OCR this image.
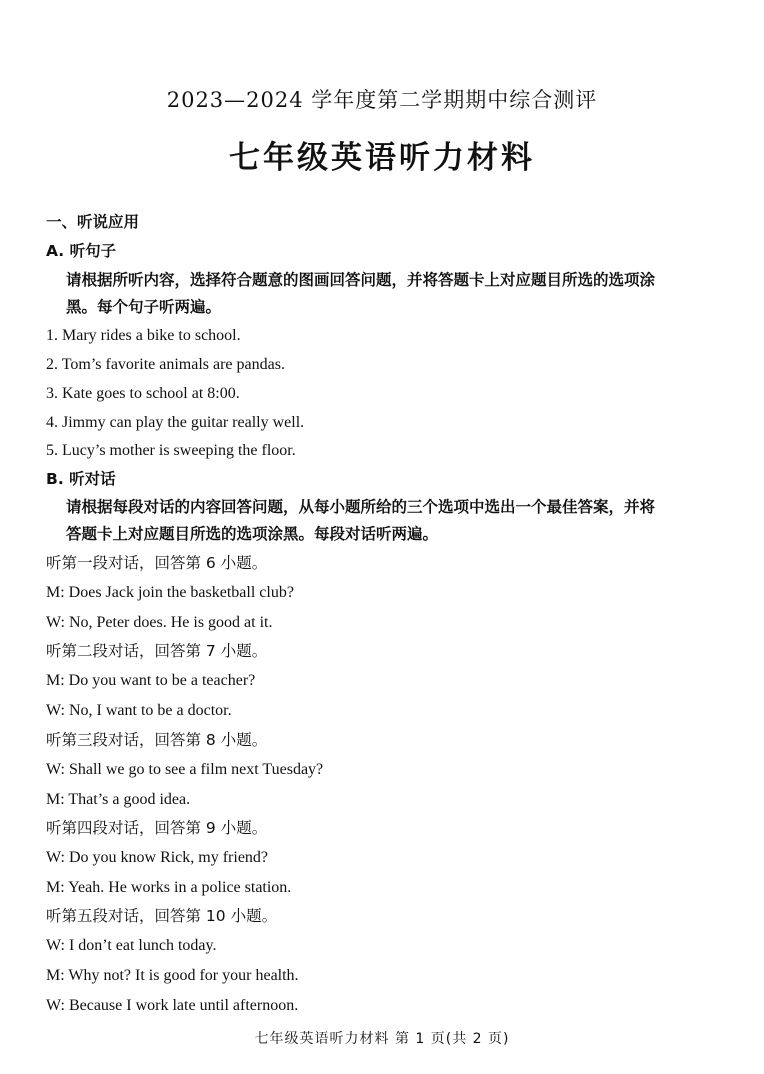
2023—2024 学年度第二学期期中综合测评
七年级英语听力材料
一、听说应用
A. 听句子
请根据所听内容，选择符合题意的图画回答问题，并将答题卡上对应题目所选的选项涂
黑。每个句子听两遍。
1. Mary rides a bike to school.
2. Tom’s favorite animals are pandas.
3. Kate goes to school at 8:00.
4. Jimmy can play the guitar really well.
5. Lucy’s mother is sweeping the floor.
B. 听对话
请根据每段对话的内容回答问题，从每小题所给的三个选项中选出一个最佳答案，并将
答题卡上对应题目所选的选项涂黑。每段对话听两遍。
听第一段对话，回答第 6 小题。
M: Does Jack join the basketball club?
W: No, Peter does. He is good at it.
听第二段对话，回答第 7 小题。
M: Do you want to be a teacher?
W: No, I want to be a doctor.
听第三段对话，回答第 8 小题。
W: Shall we go to see a film next Tuesday?
M: That’s a good idea.
听第四段对话，回答第 9 小题。
W: Do you know Rick, my friend?
M: Yeah. He works in a police station.
听第五段对话，回答第 10 小题。
W: I don’t eat lunch today.
M: Why not? It is good for your health.
W: Because I work late until afternoon.
七年级英语听力材料 第 1 页(共 2 页)
